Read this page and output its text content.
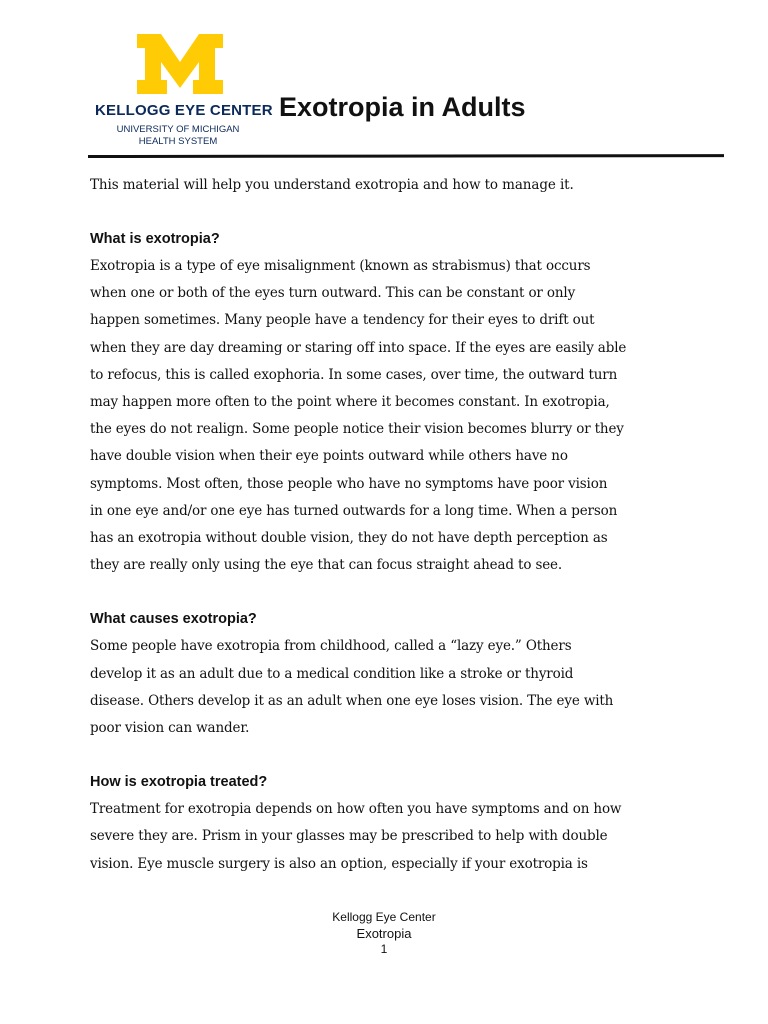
KELLOGG EYE CENTER
UNIVERSITY OF MICHIGAN
HEALTH SYSTEM
Exotropia in Adults

This material will help you understand exotropia and how to manage it.

What is exotropia?
Exotropia is a type of eye misalignment (known as strabismus) that occurs
when one or both of the eyes turn outward. This can be constant or only
happen sometimes. Many people have a tendency for their eyes to drift out
when they are day dreaming or staring off into space. If the eyes are easily able
to refocus, this is called exophoria. In some cases, over time, the outward turn
may happen more often to the point where it becomes constant. In exotropia,
the eyes do not realign. Some people notice their vision becomes blurry or they
have double vision when their eye points outward while others have no
symptoms. Most often, those people who have no symptoms have poor vision
in one eye and/or one eye has turned outwards for a long time. When a person
has an exotropia without double vision, they do not have depth perception as
they are really only using the eye that can focus straight ahead to see.
What causes exotropia?
Some people have exotropia from childhood, called a “lazy eye.” Others
develop it as an adult due to a medical condition like a stroke or thyroid
disease. Others develop it as an adult when one eye loses vision. The eye with
poor vision can wander.
How is exotropia treated?
Treatment for exotropia depends on how often you have symptoms and on how
severe they are. Prism in your glasses may be prescribed to help with double
vision. Eye muscle surgery is also an option, especially if your exotropia is
Kellogg Eye Center
Exotropia
1
